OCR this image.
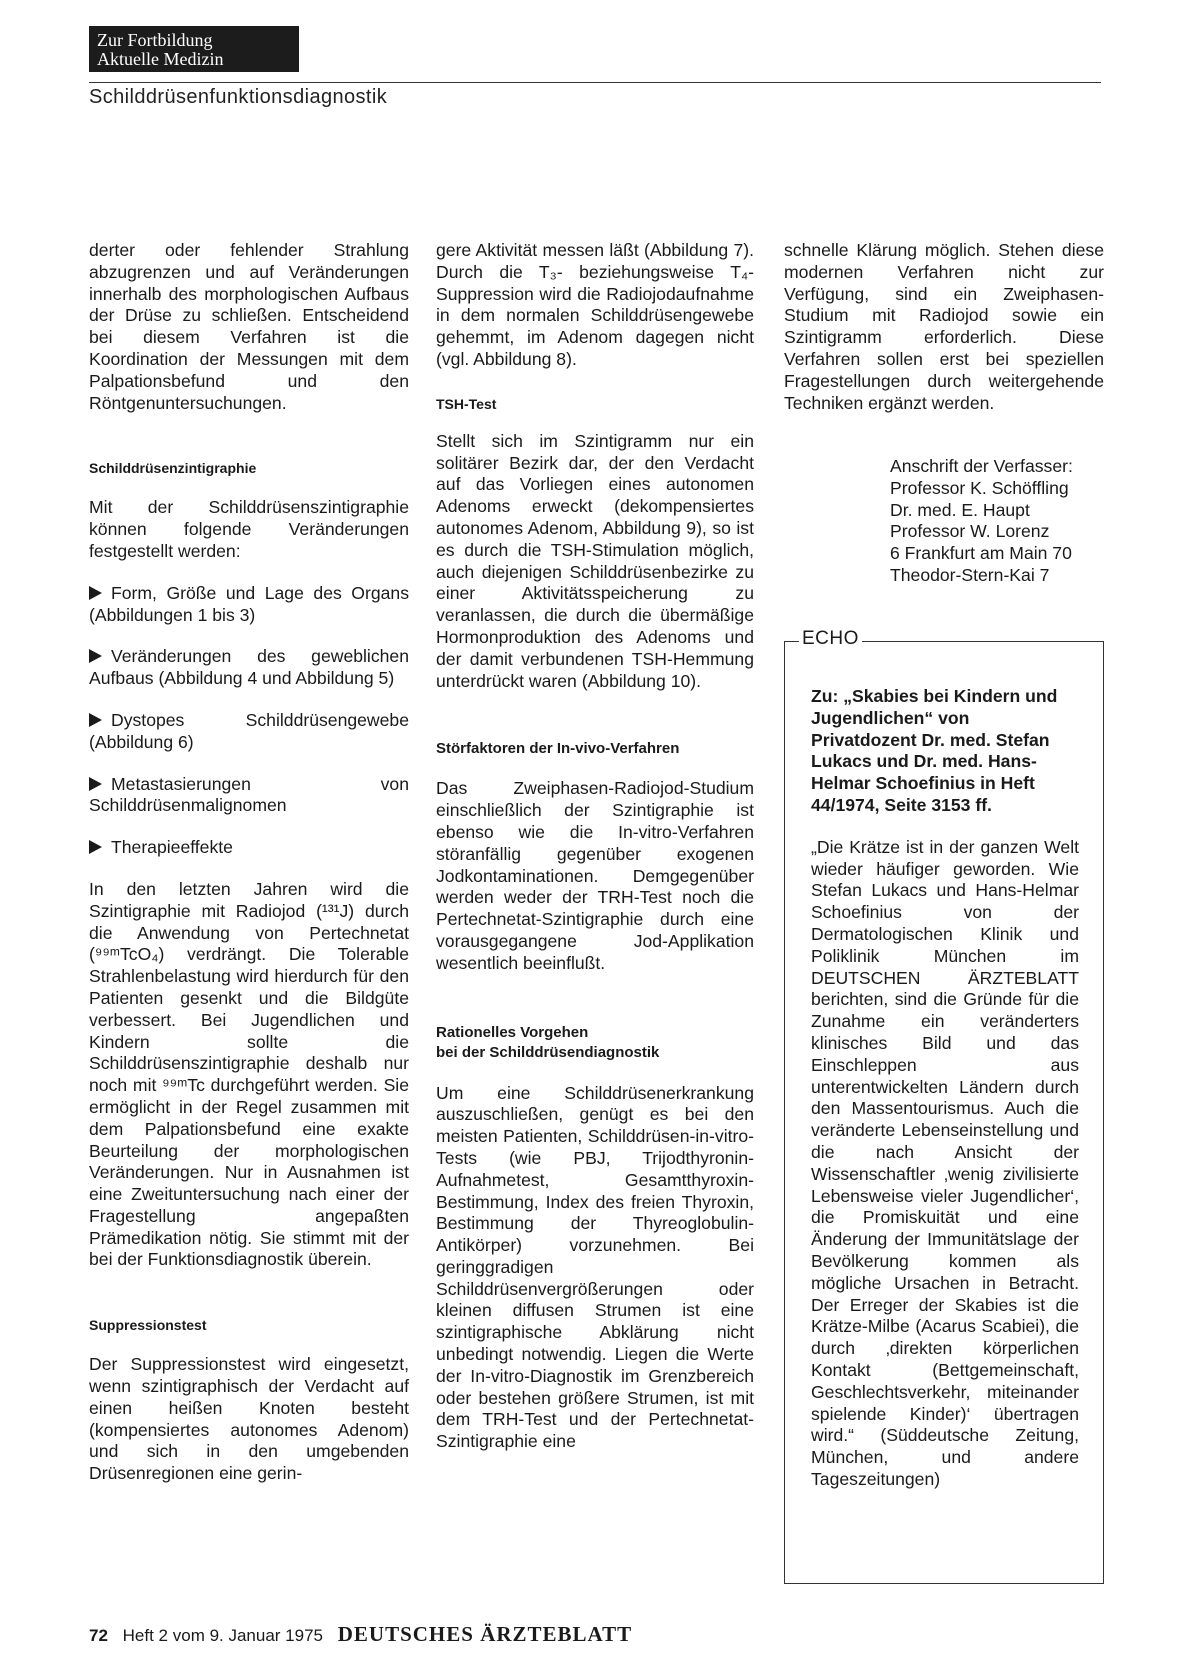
Zur Fortbildung
Aktuelle Medizin
Schilddrüsenfunktionsdiagnostik

derter oder fehlender Strahlung abzugrenzen und auf Veränderungen innerhalb des morphologischen Aufbaus der Drüse zu schließen. Entscheidend bei diesem Verfahren ist die Koordination der Messungen mit dem Palpationsbefund und den Röntgenuntersuchungen.

Schilddrüsenzintigraphie

Mit der Schilddrüsenszintigraphie können folgende Veränderungen festgestellt werden:

Form, Größe und Lage des Organs (Abbildungen 1 bis 3)

Veränderungen des geweblichen Aufbaus (Abbildung 4 und Abbildung 5)

Dystopes Schilddrüsengewebe (Abbildung 6)

Metastasierungen von Schilddrüsenmalignomen

Therapieeffekte

In den letzten Jahren wird die Szintigraphie mit Radiojod (¹³¹J) durch die Anwendung von Pertechnetat (⁹⁹ᵐTcO₄) verdrängt. Die Tolerable Strahlenbelastung wird hierdurch für den Patienten gesenkt und die Bildgüte verbessert. Bei Jugendlichen und Kindern sollte die Schilddrüsenszintigraphie deshalb nur noch mit ⁹⁹ᵐTc durchgeführt werden. Sie ermöglicht in der Regel zusammen mit dem Palpationsbefund eine exakte Beurteilung der morphologischen Veränderungen. Nur in Ausnahmen ist eine Zweituntersuchung nach einer der Fragestellung angepaßten Prämedikation nötig. Sie stimmt mit der bei der Funktionsdiagnostik überein.

Suppressionstest

Der Suppressionstest wird eingesetzt, wenn szintigraphisch der Verdacht auf einen heißen Knoten besteht (kompensiertes autonomes Adenom) und sich in den umgebenden Drüsenregionen eine gerin-

gere Aktivität messen läßt (Abbildung 7). Durch die T₃- beziehungsweise T₄-Suppression wird die Radiojodaufnahme in dem normalen Schilddrüsengewebe gehemmt, im Adenom dagegen nicht (vgl. Abbildung 8).

TSH-Test

Stellt sich im Szintigramm nur ein solitärer Bezirk dar, der den Verdacht auf das Vorliegen eines autonomen Adenoms erweckt (dekompensiertes autonomes Adenom, Abbildung 9), so ist es durch die TSH-Stimulation möglich, auch diejenigen Schilddrüsenbezirke zu einer Aktivitätsspeicherung zu veranlassen, die durch die übermäßige Hormonproduktion des Adenoms und der damit verbundenen TSH-Hemmung unterdrückt waren (Abbildung 10).

Störfaktoren der In-vivo-Verfahren

Das Zweiphasen-Radiojod-Studium einschließlich der Szintigraphie ist ebenso wie die In-vitro-Verfahren störanfällig gegenüber exogenen Jodkontaminationen. Demgegenüber werden weder der TRH-Test noch die Pertechnetat-Szintigraphie durch eine vorausgegangene Jod-Applikation wesentlich beeinflußt.

Rationelles Vorgehen
bei der Schilddrüsendiagnostik

Um eine Schilddrüsenerkrankung auszuschließen, genügt es bei den meisten Patienten, Schilddrüsen-in-vitro-Tests (wie PBJ, Trijodthyronin-Aufnahmetest, Gesamtthyroxin-Bestimmung, Index des freien Thyroxin, Bestimmung der Thyreoglobulin-Antikörper) vorzunehmen. Bei geringgradigen Schilddrüsenvergrößerungen oder kleinen diffusen Strumen ist eine szintigraphische Abklärung nicht unbedingt notwendig. Liegen die Werte der In-vitro-Diagnostik im Grenzbereich oder bestehen größere Strumen, ist mit dem TRH-Test und der Pertechnetat-Szintigraphie eine

schnelle Klärung möglich. Stehen diese modernen Verfahren nicht zur Verfügung, sind ein Zweiphasen-Studium mit Radiojod sowie ein Szintigramm erforderlich. Diese Verfahren sollen erst bei speziellen Fragestellungen durch weitergehende Techniken ergänzt werden.

Anschrift der Verfasser:
Professor K. Schöffling
Dr. med. E. Haupt
Professor W. Lorenz
6 Frankfurt am Main 70
Theodor-Stern-Kai 7
ECHO

Zu: „Skabies bei Kindern und Jugendlichen“ von Privatdozent Dr. med. Stefan Lukacs und Dr. med. Hans-Helmar Schoefinius in Heft 44/1974, Seite 3153 ff.

„Die Krätze ist in der ganzen Welt wieder häufiger geworden. Wie Stefan Lukacs und Hans-Helmar Schoefinius von der Dermatologischen Klinik und Poliklinik München im DEUTSCHEN ÄRZTEBLATT berichten, sind die Gründe für die Zunahme ein veränderters klinisches Bild und das Einschleppen aus unterentwickelten Ländern durch den Massentourismus. Auch die veränderte Lebenseinstellung und die nach Ansicht der Wissenschaftler ‚wenig zivilisierte Lebensweise vieler Jugendlicher‘, die Promiskuität und eine Änderung der Immunitätslage der Bevölkerung kommen als mögliche Ursachen in Betracht. Der Erreger der Skabies ist die Krätze-Milbe (Acarus Scabiei), die durch ‚direkten körperlichen Kontakt (Bettgemeinschaft, Geschlechtsverkehr, miteinander spielende Kinder)‘ übertragen wird.“ (Süddeutsche Zeitung, München, und andere Tageszeitungen)

72 Heft 2 vom 9. Januar 1975 DEUTSCHES ÄRZTEBLATT
